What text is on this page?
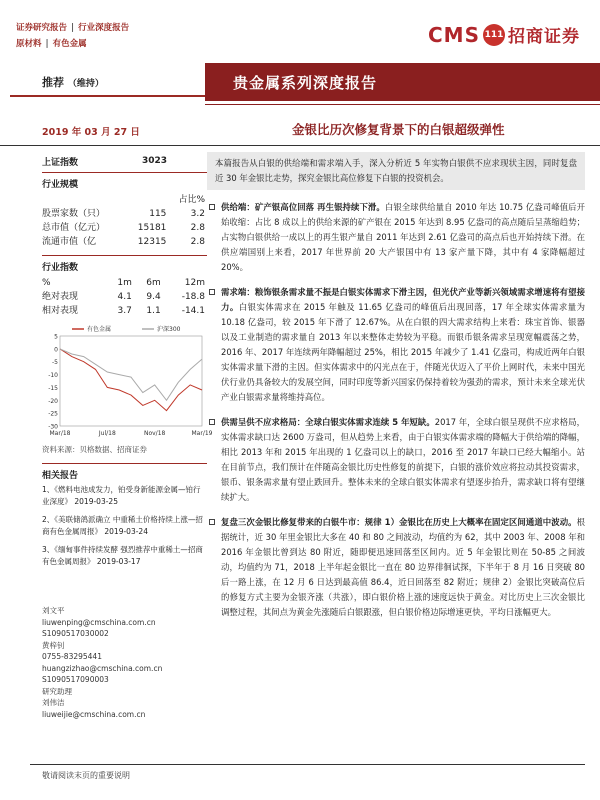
证券研究报告 | 行业深度报告
原材料 | 有色金属	CMS 111 招商证券
推荐 （维持）	贵金属系列深度报告
2019 年 03 月 27 日	金银比历次修复背景下的白银超级弹性
上证指数	3023
行业规模
		占比%
股票家数（只）	115	3.2
总市值（亿元）	15181	2.8
流通市值（亿	12315	2.8
行业指数
%	1m	6m	12m
绝对表现	4.1	9.4	-18.8
相对表现	3.7	1.1	-14.1
5
0
-5
-10
-15
-20
-25
-30
Mar/18	Jul/18	Nov/18	Mar/19
有色金属	沪深300
资料来源：贝格数据、招商证券
相关报告
1、《燃料电池成发力，铂受身新能源金属—铂行业深度》 2019-03-25
2、《美联储鸽派确立 中重稀土价格持续上涨—招商有色金属周报》 2019-03-24
3、《缅甸事件持续发酵 强烈推荐中重稀土—招商有色金属周报》 2019-03-17
刘文平
liuwenping@cmschina.com.cn
S1090517030002
黄梓钊
0755-83295441
huangzizhao@cmschina.com.cn
S1090517090003
研究助理
刘伟洁
liuweijie@cmschina.com.cn
本篇报告从白银的供给端和需求端入手，深入分析近 5 年实物白银供不应求现状主因，同时复盘近 30 年金银比走势，探究金银比高位修复下白银的投资机会。
供给端：矿产银高位回落 再生银持续下滑。白银全球供给量自 2010 年达 10.75 亿盎司峰值后开始收缩：占比 8 成以上的供给来源的矿产银在 2015 年达到 8.95 亿盎司的高点随后呈蒸缩趋势；占实物白银供给一成以上的再生银产量自 2011 年达到 2.61 亿盎司的高点后也开始持续下滑。在供应端国别上来看，2017 年世界前 20 大产银国中有 13 家产量下降，其中有 4 家降幅超过 20%。
需求端：粮饰银条需求量不振是白银实体需求下滑主因，但光伏产业等新兴领域需求增速将有望接力。白银实体需求在 2015 年触及 11.65 亿盎司的峰值后出现回落，17 年全球实体需求量为 10.18 亿盎司，较 2015 年下滑了 12.67%。从在白银的四大需求结构上来看：珠宝首饰、银器以及工业制造的需求量自 2013 年以来整体走势较为平稳。而银币银条需求呈现宽幅震荡之势，2016 年、2017 年连续两年降幅超过 25%，相比 2015 年减少了 1.41 亿盎司，构成近两年白银实体需求量下滑的主因。但实体需求中的闪光点在于，伴随光伏迈入了平价上网时代，未来中国光伏行业仍具备较大的发展空间，同时印度等新兴国家仍保持着较为强劲的需求，预计未来全球光伏产业白银需求量将维持高位。
供需呈供不应求格局：全球白银实体需求连续 5 年短缺。2017 年，全球白银呈现供不应求格局，实体需求缺口达 2600 万盎司，但从趋势上来看，由于白银实体需求端的降幅大于供给端的降幅，相比 2013 年和 2015 年出现的 1 亿盎司以上的缺口，2016 至 2017 年缺口已经大幅缩小。站在目前节点，我们预计在伴随高金银比历史性修复的前提下，白银的涨价效应将拉动其投资需求，银币、银条需求量有望止跌回升。整体未来的全球白银实体需求有望逐步抬升，需求缺口将有望继续扩大。
复盘三次金银比修复带来的白银牛市：规律 1）金银比在历史上大概率在固定区间通道中波动。根据统计，近 30 年里金银比大多在 40 和 80 之间波动，均值约为 62，其中 2003 年、2008 年和 2016 年金银比曾到达 80 附近，随即便迅速回落至区间内。近 5 年金银比则在 50-85 之间波动，均值约为 71，2018 上半年起金银比一直在 80 边界徘徊试探，下半年于 8 月 16 日突破 80 后一路上涨，在 12 月 6 日达到最高值 86.4，近日回落至 82 附近；规律 2）金银比突破高位后的修复方式主要为金银齐涨（共涨），即白银价格上涨的速度远快于黄金。对比历史上三次金银比调整过程，其间点为黄金先涨随后白银跟涨，但白银价格边际增速更快，平均日涨幅更大。
敬请阅读末页的重要说明
